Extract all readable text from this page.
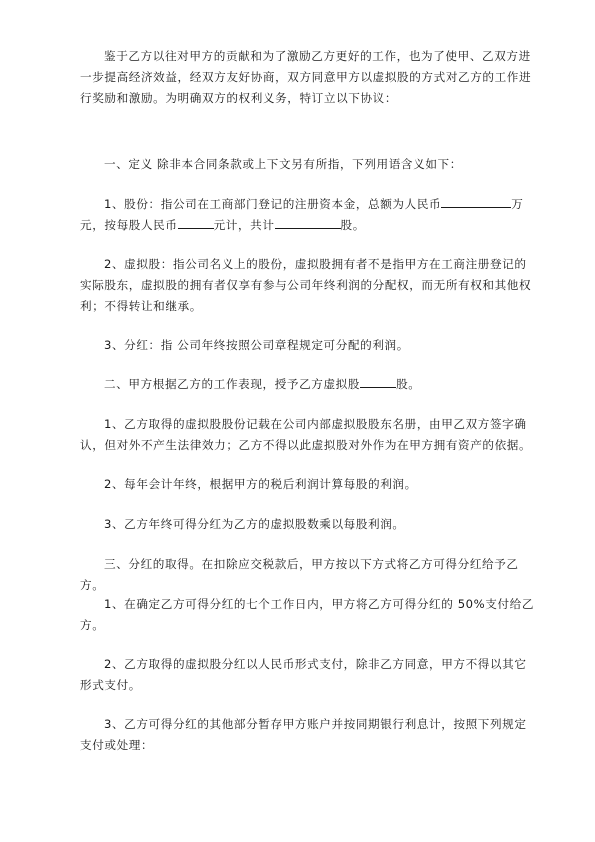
鉴于乙方以往对甲方的贡献和为了激励乙方更好的工作，也为了使甲、乙双方进一步提高经济效益，经双方友好协商，双方同意甲方以虚拟股的方式对乙方的工作进行奖励和激励。为明确双方的权利义务，特订立以下协议：

一、定义 除非本合同条款或上下文另有所指，下列用语含义如下：

1、股份：指公司在工商部门登记的注册资本金，总额为人民币	万元，按每股人民币	元计，共计	股。

2、虚拟股：指公司名义上的股份，虚拟股拥有者不是指甲方在工商注册登记的实际股东，虚拟股的拥有者仅享有参与公司年终利润的分配权，而无所有权和其他权利；不得转让和继承。

3、分红：指 公司年终按照公司章程规定可分配的利润。

二、甲方根据乙方的工作表现，授予乙方虚拟股	股。

1、乙方取得的虚拟股股份记载在公司内部虚拟股股东名册，由甲乙双方签字确认，但对外不产生法律效力；乙方不得以此虚拟股对外作为在甲方拥有资产的依据。

2、每年会计年终，根据甲方的税后利润计算每股的利润。

3、乙方年终可得分红为乙方的虚拟股数乘以每股利润。

三、分红的取得。在扣除应交税款后，甲方按以下方式将乙方可得分红给予乙方。

1、在确定乙方可得分红的七个工作日内，甲方将乙方可得分红的 50%支付给乙方。

2、乙方取得的虚拟股分红以人民币形式支付，除非乙方同意，甲方不得以其它形式支付。

3、乙方可得分红的其他部分暂存甲方账户并按同期银行利息计，按照下列规定支付或处理：
